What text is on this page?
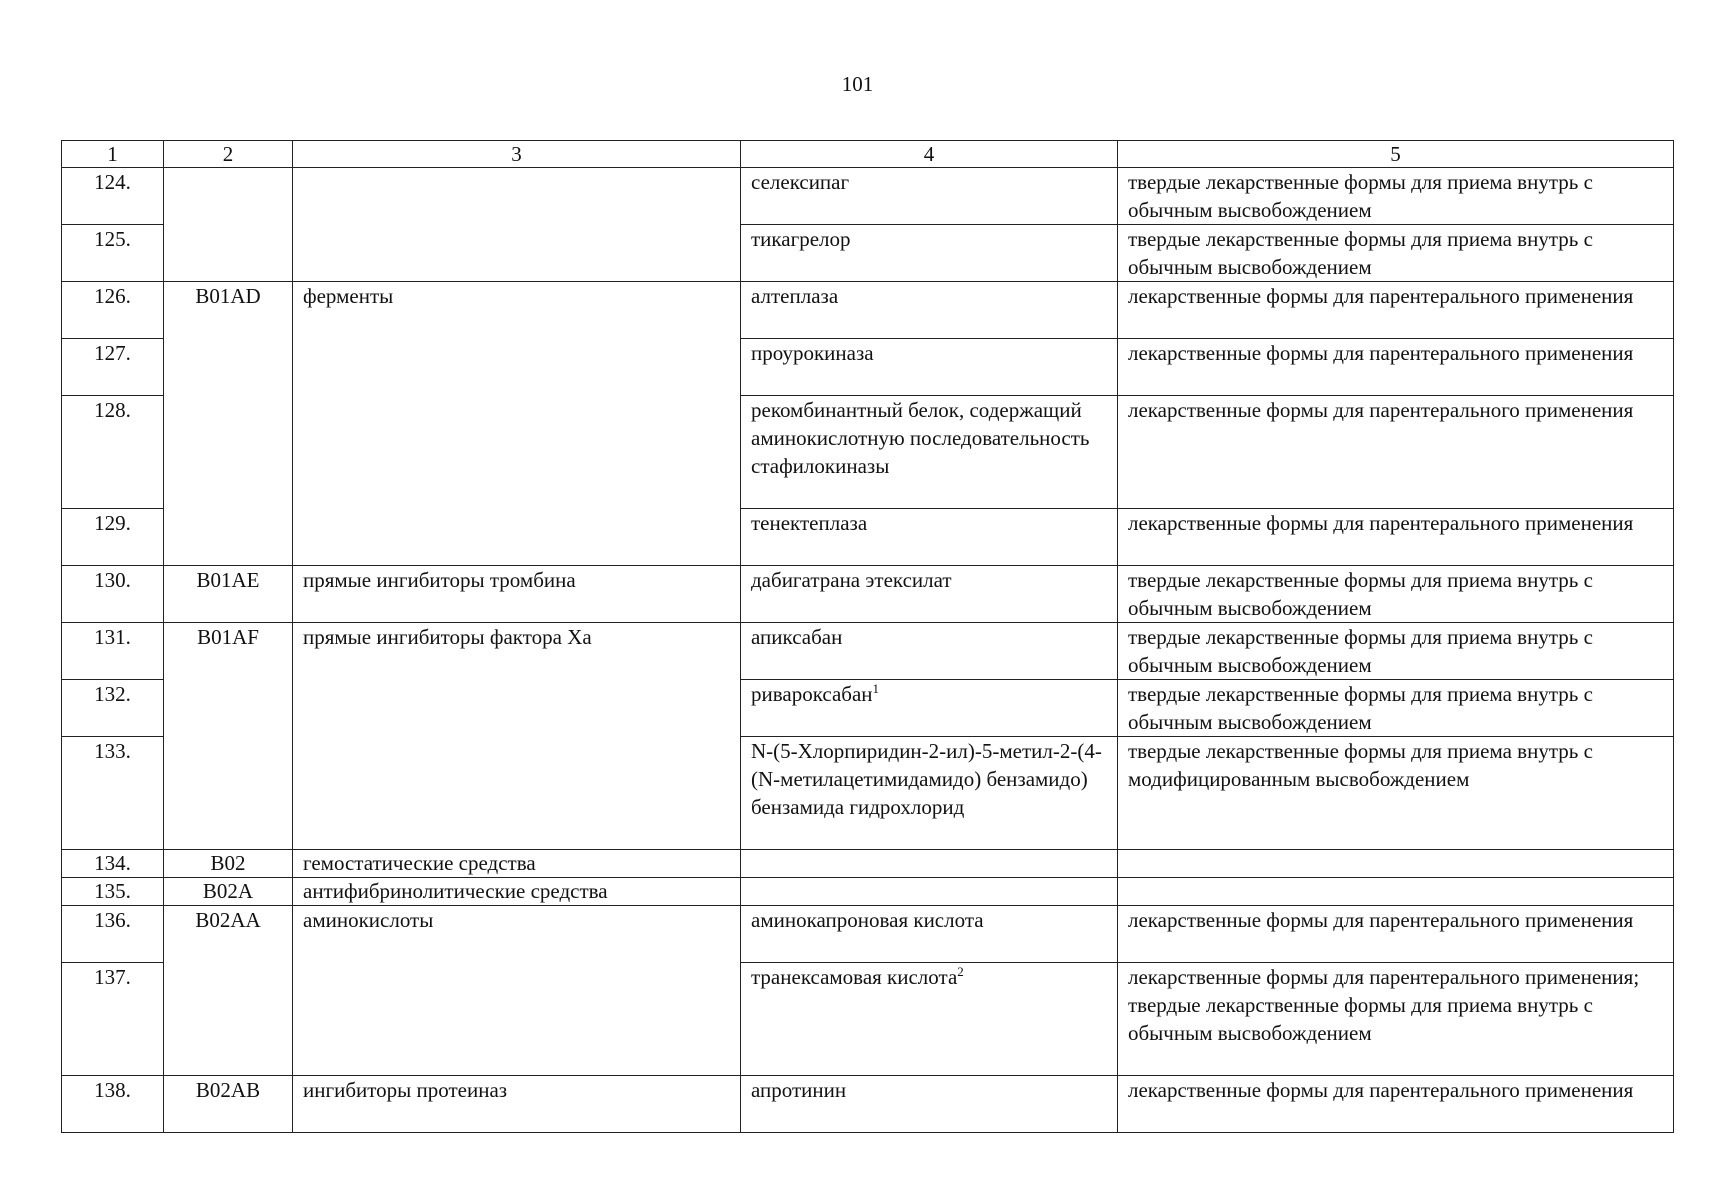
101
1	2	3	4	5
124.			селексипаг	твердые лекарственные формы для приема внутрь с обычным высвобождением
125.			тикагрелор	твердые лекарственные формы для приема внутрь с обычным высвобождением
126.	B01AD	ферменты	алтеплаза	лекарственные формы для парентерального применения
127.			проурокиназа	лекарственные формы для парентерального применения
128.			рекомбинантный белок, содержащий аминокислотную последовательность стафилокиназы	лекарственные формы для парентерального применения
129.			тенектеплаза	лекарственные формы для парентерального применения
130.	B01AE	прямые ингибиторы тромбина	дабигатрана этексилат	твердые лекарственные формы для приема внутрь с обычным высвобождением
131.	B01AF	прямые ингибиторы фактора Ха	апиксабан	твердые лекарственные формы для приема внутрь с обычным высвобождением
132.			ривароксабан$^1$	твердые лекарственные формы для приема внутрь с обычным высвобождением
133.			N-(5-Хлорпиридин-2-ил)-5-метил-2-(4-(N-метилацетимидамидо) бензамидо) бензамида гидрохлорид	твердые лекарственные формы для приема внутрь с модифицированным высвобождением
134.	B02	гемостатические средства		
135.	B02A	антифибринолитические средства		
136.	B02AA	аминокислоты	аминокапроновая кислота	лекарственные формы для парентерального применения
137.			транексамовая кислота$^2$	лекарственные формы для парентерального применения;
твердые лекарственные формы для приема внутрь с обычным высвобождением

138.	B02AB	ингибиторы протеиназ	апротинин	лекарственные формы для парентерального применения
